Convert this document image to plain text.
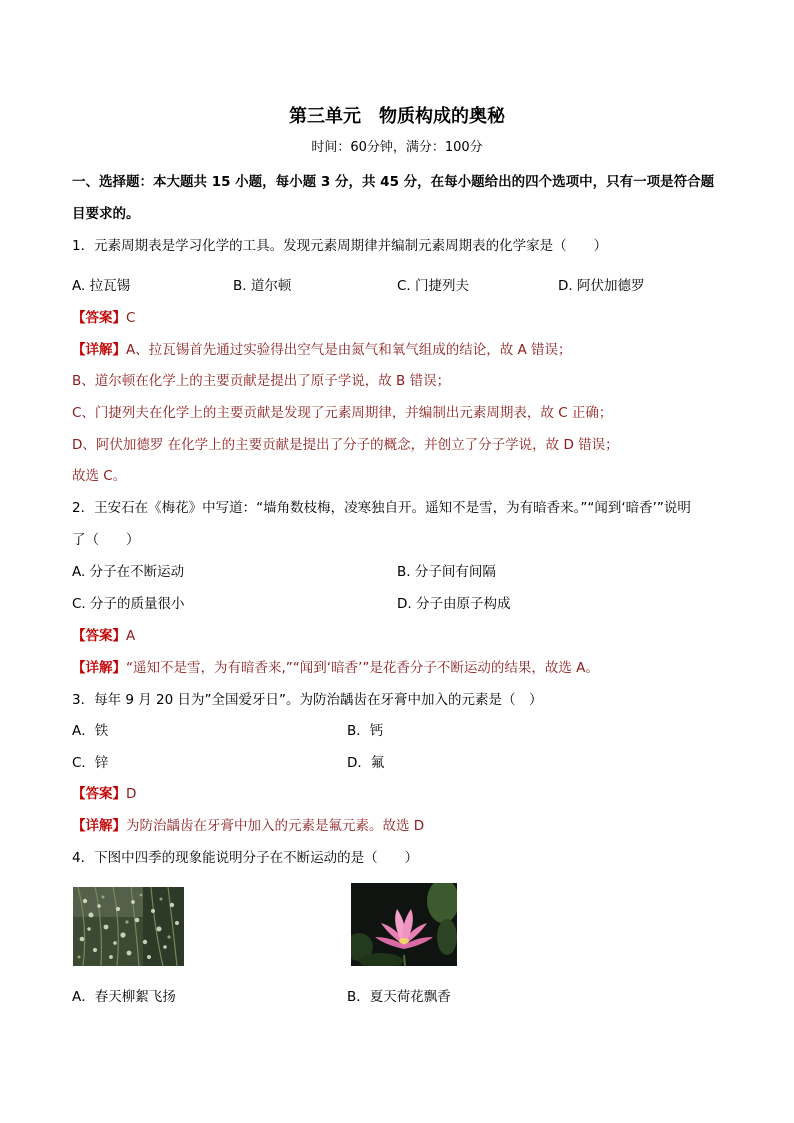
第三单元　物质构成的奥秘
时间：60分钟，满分：100分
一、选择题：本大题共 15 小题，每小题 3 分，共 45 分，在每小题给出的四个选项中，只有一项是符合题
目要求的。
1．元素周期表是学习化学的工具。发现元素周期律并编制元素周期表的化学家是（　　）
A. 拉瓦锡	B. 道尔顿	C. 门捷列夫	D. 阿伏加德罗
【答案】C
【详解】A、拉瓦锡首先通过实验得出空气是由氮气和氧气组成的结论，故 A 错误；
B、道尔顿在化学上的主要贡献是提出了原子学说，故 B 错误；
C、门捷列夫在化学上的主要贡献是发现了元素周期律，并编制出元素周期表，故 C 正确；
D、阿伏加德罗 在化学上的主要贡献是提出了分子的概念，并创立了分子学说，故 D 错误；
故选 C。
2．王安石在《梅花》中写道：“墙角数枝梅，凌寒独自开。遥知不是雪，为有暗香来。”“闻到‘暗香’”说明
了（　　）
A. 分子在不断运动	B. 分子间有间隔
C. 分子的质量很小	D. 分子由原子构成
【答案】A
【详解】“遥知不是雪，为有暗香来,”“闻到‘暗香’”是花香分子不断运动的结果，故选 A。
3．每年 9 月 20 日为”全国爱牙日”。为防治龋齿在牙膏中加入的元素是（　）
A．铁	B．钙
C．锌	D．氟
【答案】D
【详解】为防治龋齿在牙膏中加入的元素是氟元素。故选 D
4．下图中四季的现象能说明分子在不断运动的是（　　）
A．春天柳絮飞扬	B．夏天荷花飘香
